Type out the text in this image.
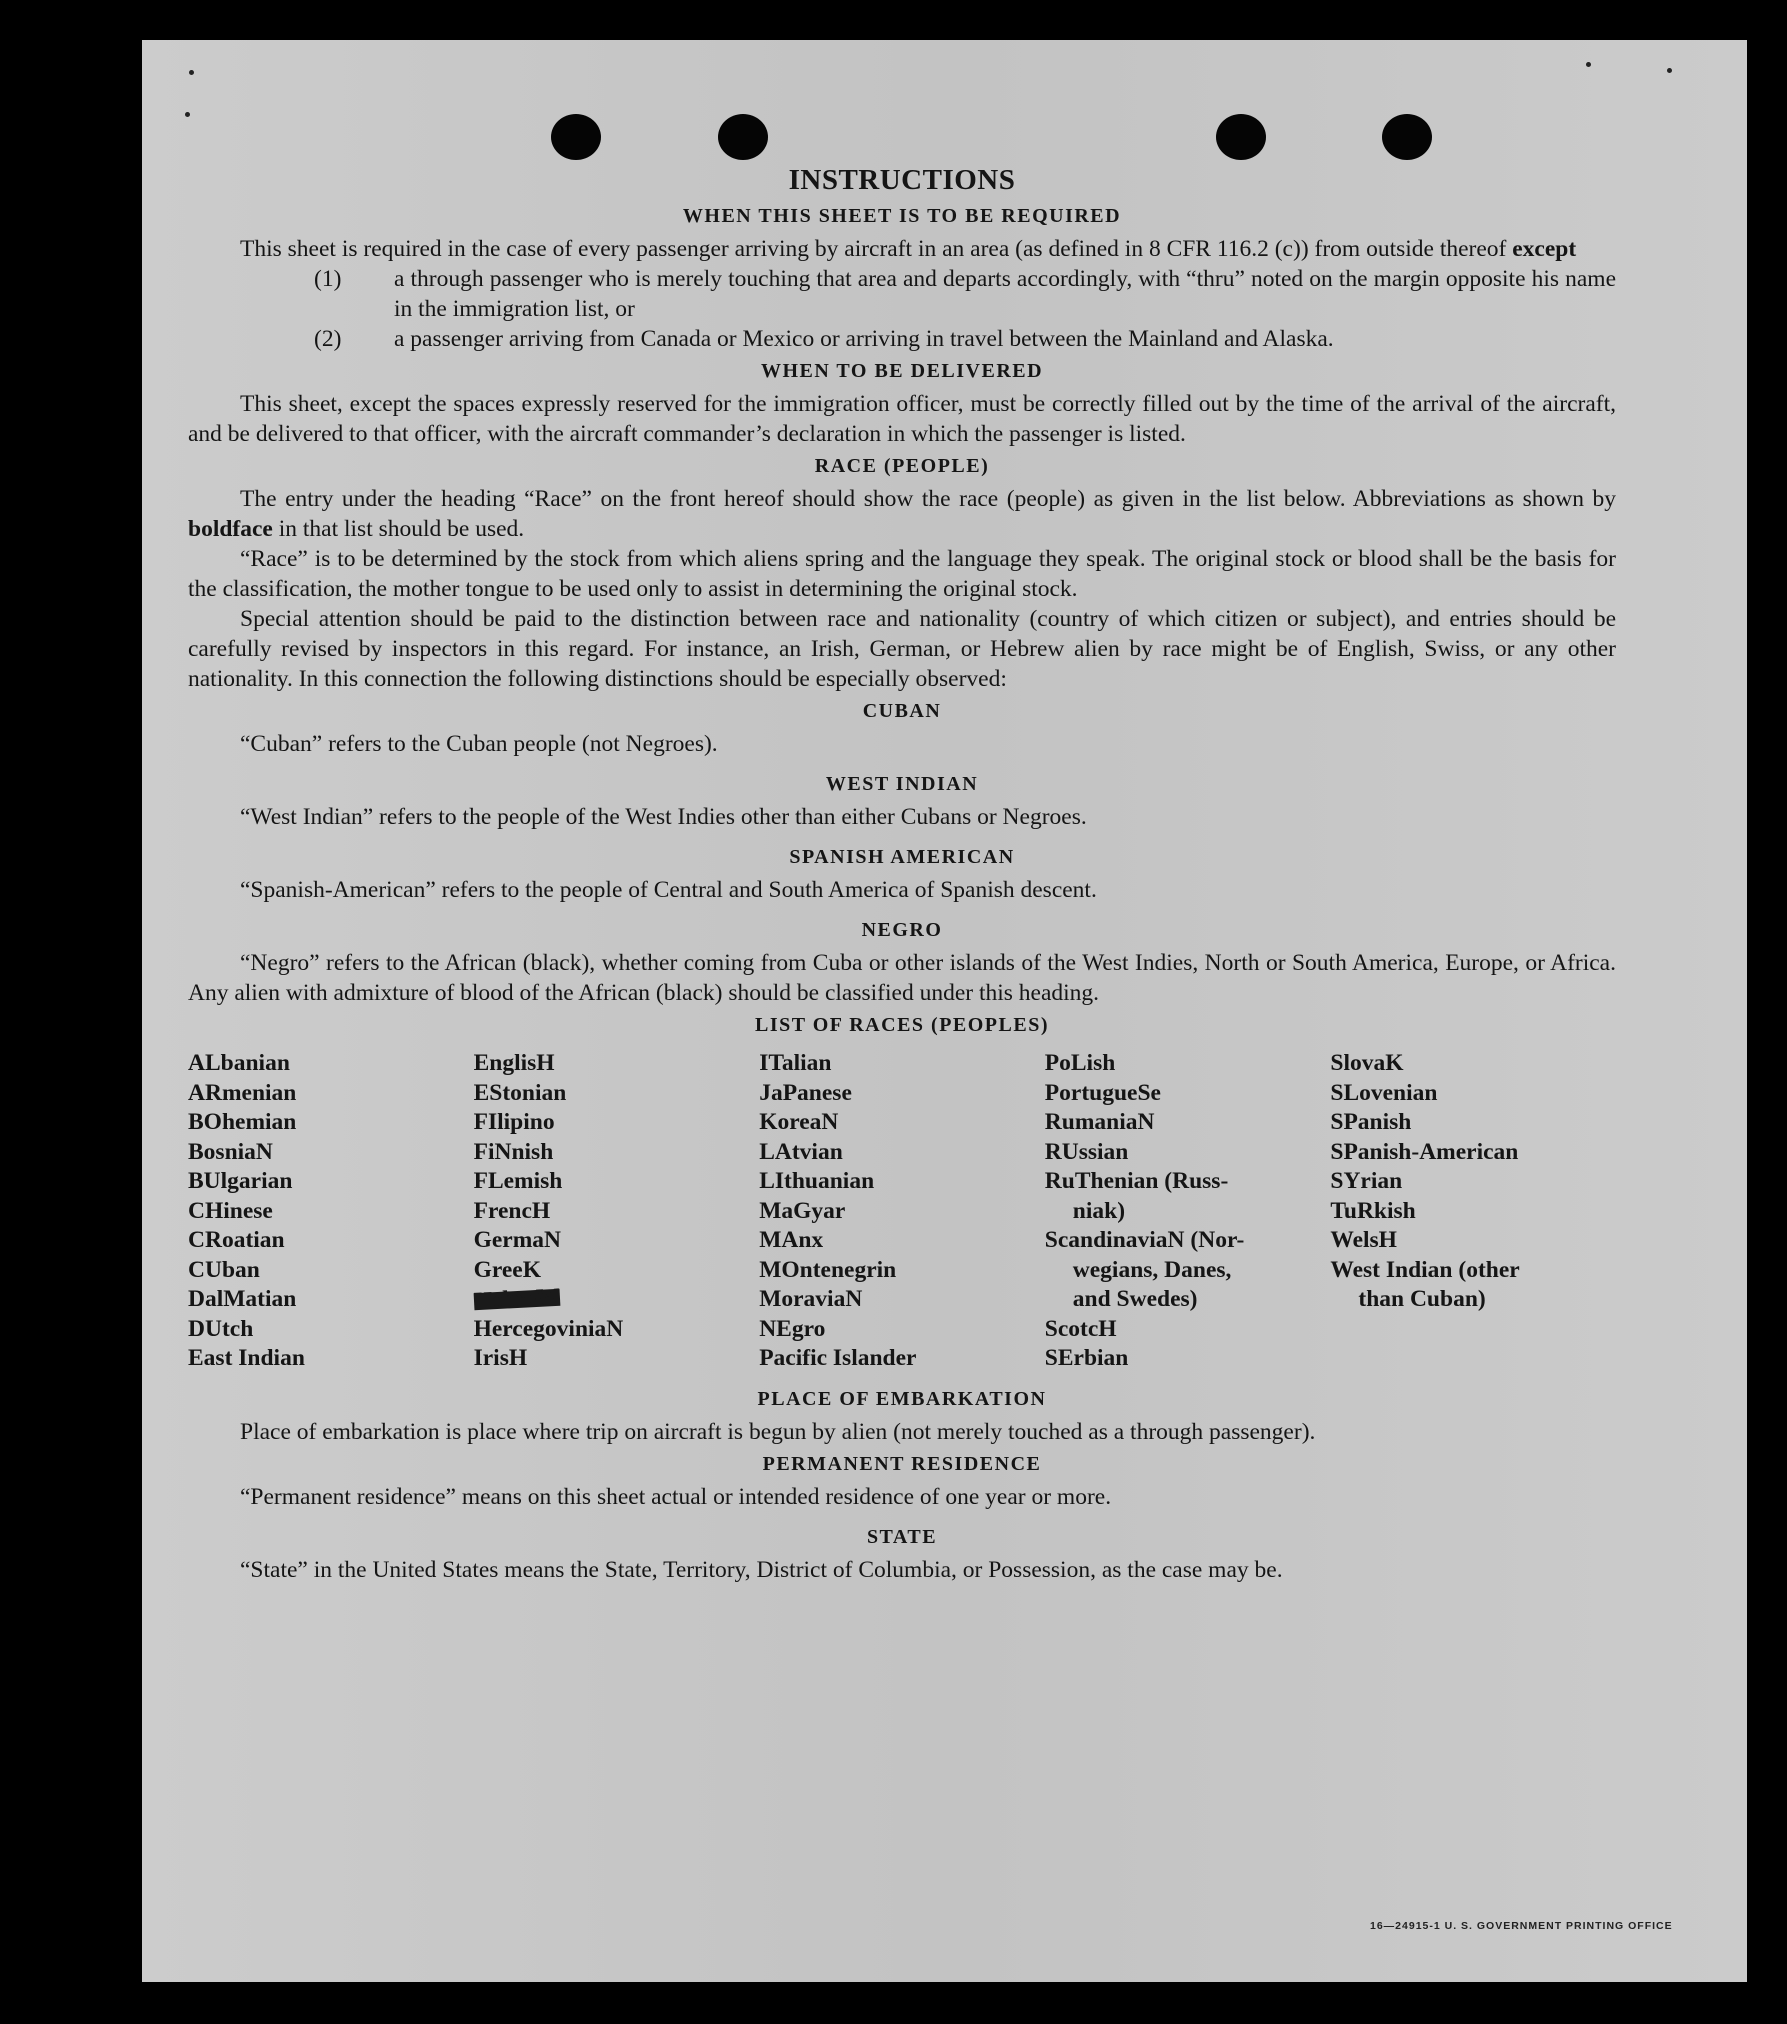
16—24915-1 U. S. GOVERNMENT PRINTING OFFICE
INSTRUCTIONS
WHEN THIS SHEET IS TO BE REQUIRED

This sheet is required in the case of every passenger arriving by aircraft in an area (as defined in 8 CFR 116.2 (c)) from outside thereof except

(1) a through passenger who is merely touching that area and departs accordingly, with “thru” noted on the margin opposite his name in the immigration list, or
(2) a passenger arriving from Canada or Mexico or arriving in travel between the Mainland and Alaska.
WHEN TO BE DELIVERED

This sheet, except the spaces expressly reserved for the immigration officer, must be correctly filled out by the time of the arrival of the aircraft, and be delivered to that officer, with the aircraft commander’s declaration in which the passenger is listed.

RACE (PEOPLE)

The entry under the heading “Race” on the front hereof should show the race (people) as given in the list below. Abbreviations as shown by boldface in that list should be used.

“Race” is to be determined by the stock from which aliens spring and the language they speak. The original stock or blood shall be the basis for the classification, the mother tongue to be used only to assist in determining the original stock.

Special attention should be paid to the distinction between race and nationality (country of which citizen or subject), and entries should be carefully revised by inspectors in this regard. For instance, an Irish, German, or Hebrew alien by race might be of English, Swiss, or any other nationality. In this connection the following distinctions should be especially observed:

CUBAN

“Cuban” refers to the Cuban people (not Negroes).

WEST INDIAN

“West Indian” refers to the people of the West Indies other than either Cubans or Negroes.

SPANISH AMERICAN

“Spanish-American” refers to the people of Central and South America of Spanish descent.

NEGRO

“Negro” refers to the African (black), whether coming from Cuba or other islands of the West Indies, North or South America, Europe, or Africa. Any alien with admixture of blood of the African (black) should be classified under this heading.

LIST OF RACES (PEOPLES)
ALbanian
ARmenian
BOhemian
BosniaN
BUlgarian
CHinese
CRoatian
CUban
DalMatian
DUtch
East Indian
EnglisH
EStonian
FIlipino
FiNnish
FLemish
FrencH
GermaN
GreeK
HebreW
HercegoviniaN
IrisH
ITalian
JaPanese
KoreaN
LAtvian
LIthuanian
MaGyar
MAnx
MOntenegrin
MoraviaN
NEgro
Pacific Islander
PoLish
PortugueSe
RumaniaN
RUssian
RuThenian (Russ-
niak)
ScandinaviaN (Nor-
wegians, Danes,
and Swedes)
ScotcH
SErbian
SlovaK
SLovenian
SPanish
SPanish-American
SYrian
TuRkish
WelsH
West Indian (other
than Cuban)
PLACE OF EMBARKATION

Place of embarkation is place where trip on aircraft is begun by alien (not merely touched as a through passenger).

PERMANENT RESIDENCE

“Permanent residence” means on this sheet actual or intended residence of one year or more.

STATE

“State” in the United States means the State, Territory, District of Columbia, or Possession, as the case may be.
